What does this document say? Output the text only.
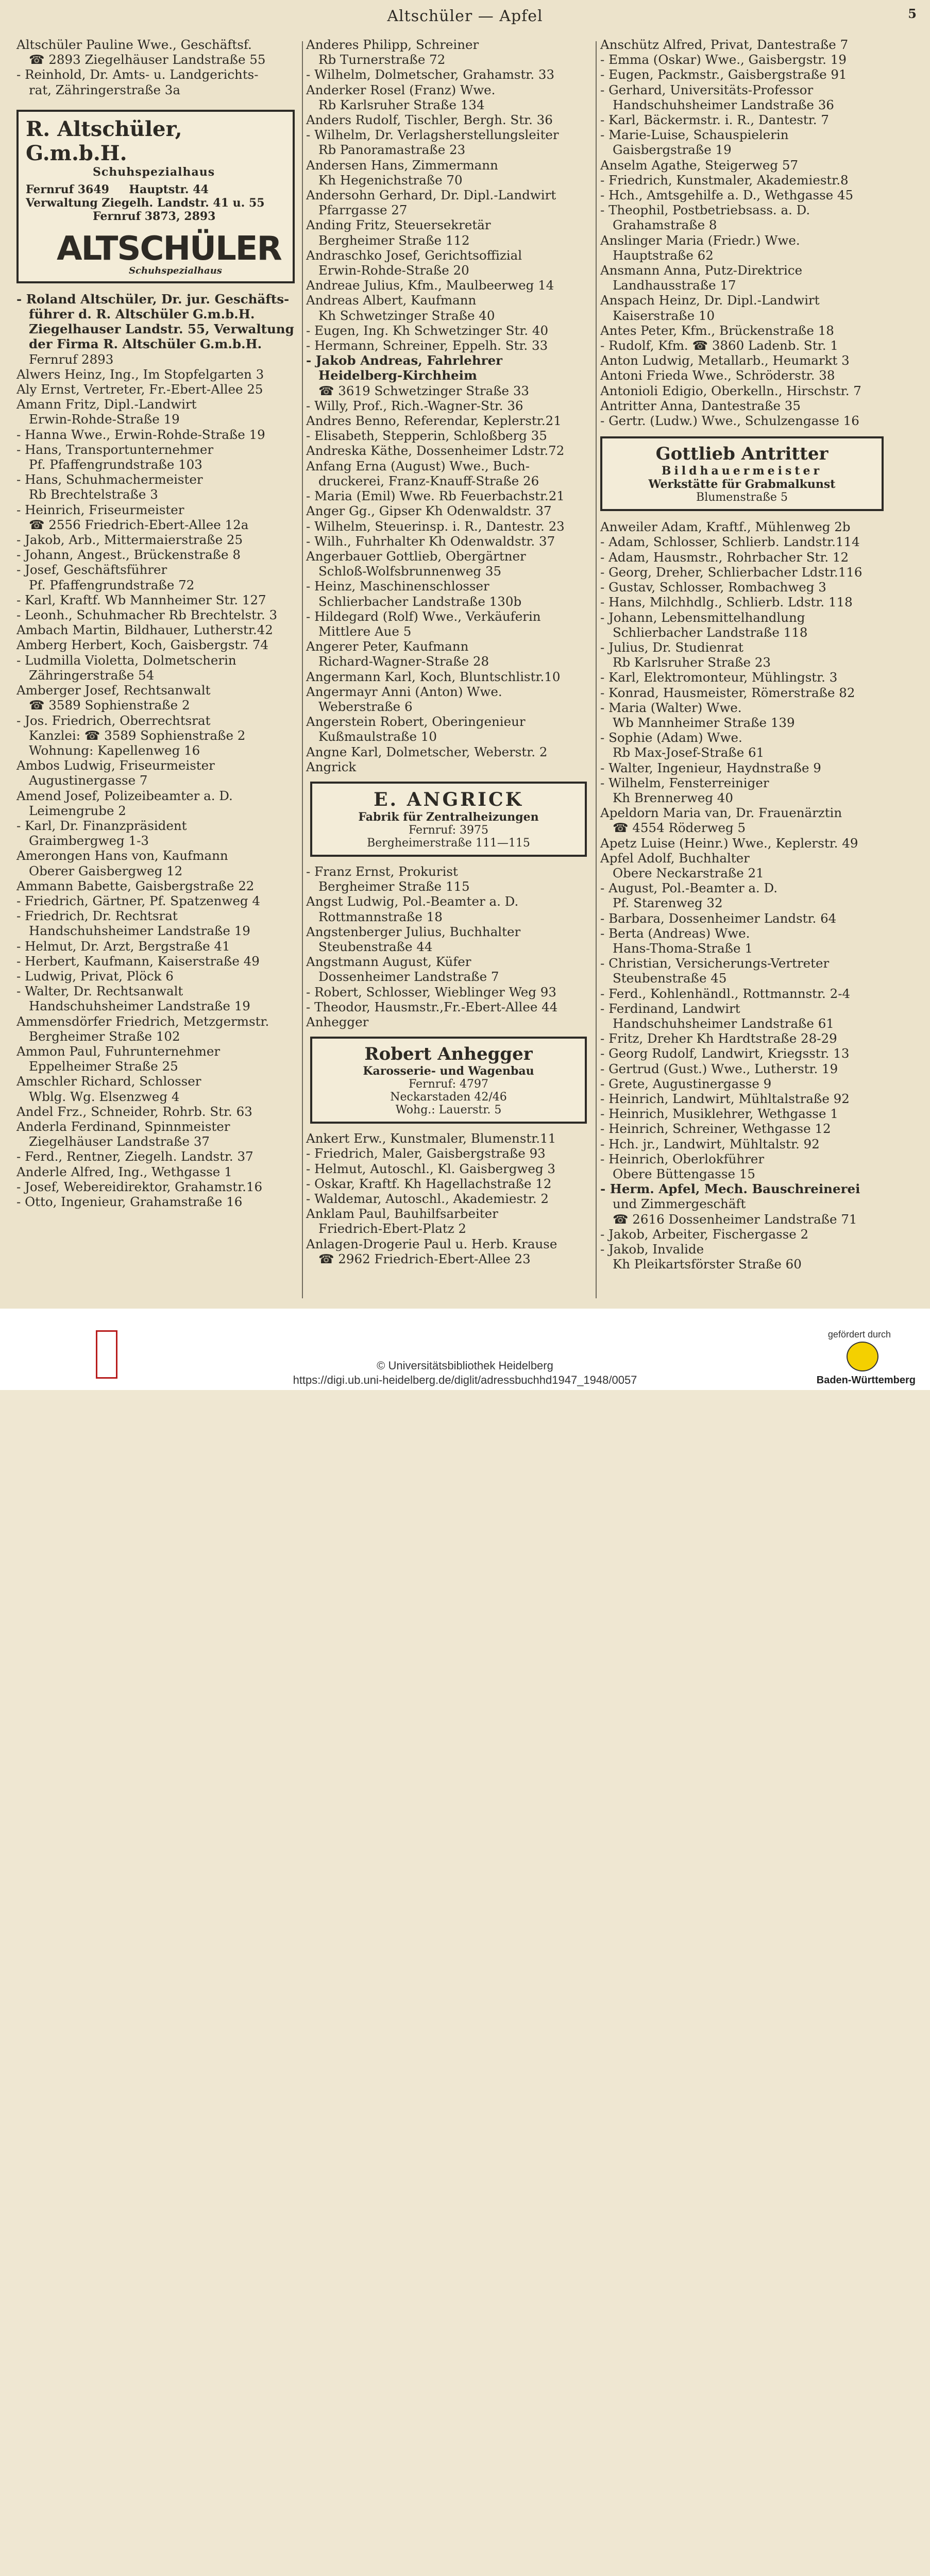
Altschüler — Apfel	5
Altschüler Pauline Wwe., Geschäftsf.
☎ 2893 Ziegelhäuser Landstraße 55
- Reinhold, Dr. Amts- u. Landgerichts-
rat, Zähringerstraße 3a
R. Altschüler, G.m.b.H.
Schuhspezialhaus
Fernruf 3649     Hauptstr. 44
Verwaltung Ziegelh. Landstr. 41 u. 55
Fernruf 3873, 2893
ALTSCHÜLER
Schuhspezialhaus
- Roland Altschüler, Dr. jur. Geschäfts-
führer d. R. Altschüler G.m.b.H.
Ziegelhauser Landstr. 55, Verwaltung
der Firma R. Altschüler G.m.b.H.
Fernruf 2893
Alwers Heinz, Ing., Im Stopfelgarten 3
Aly Ernst, Vertreter, Fr.-Ebert-Allee 25
Amann Fritz, Dipl.-Landwirt
Erwin-Rohde-Straße 19
- Hanna Wwe., Erwin-Rohde-Straße 19
- Hans, Transportunternehmer
Pf. Pfaffengrundstraße 103
- Hans, Schuhmachermeister
Rb Brechtelstraße 3
- Heinrich, Friseurmeister
☎ 2556 Friedrich-Ebert-Allee 12a
- Jakob, Arb., Mittermaierstraße 25
- Johann, Angest., Brückenstraße 8
- Josef, Geschäftsführer
Pf. Pfaffengrundstraße 72
- Karl, Kraftf. Wb Mannheimer Str. 127
- Leonh., Schuhmacher Rb Brechtelstr. 3
Ambach Martin, Bildhauer, Lutherstr.42
Amberg Herbert, Koch, Gaisbergstr. 74
- Ludmilla Violetta, Dolmetscherin
Zähringerstraße 54
Amberger Josef, Rechtsanwalt
☎ 3589 Sophienstraße 2
- Jos. Friedrich, Oberrechtsrat
Kanzlei: ☎ 3589 Sophienstraße 2
Wohnung: Kapellenweg 16
Ambos Ludwig, Friseurmeister
Augustinergasse 7
Amend Josef, Polizeibeamter a. D.
Leimengrube 2
- Karl, Dr. Finanzpräsident
Graimbergweg 1-3
Amerongen Hans von, Kaufmann
Oberer Gaisbergweg 12
Ammann Babette, Gaisbergstraße 22
- Friedrich, Gärtner, Pf. Spatzenweg 4
- Friedrich, Dr. Rechtsrat
Handschuhsheimer Landstraße 19
- Helmut, Dr. Arzt, Bergstraße 41
- Herbert, Kaufmann, Kaiserstraße 49
- Ludwig, Privat, Plöck 6
- Walter, Dr. Rechtsanwalt
Handschuhsheimer Landstraße 19
Ammensdörfer Friedrich, Metzgermstr.
Bergheimer Straße 102
Ammon Paul, Fuhrunternehmer
Eppelheimer Straße 25
Amschler Richard, Schlosser
Wblg. Wg. Elsenzweg 4
Andel Frz., Schneider, Rohrb. Str. 63
Anderla Ferdinand, Spinnmeister
Ziegelhäuser Landstraße 37
- Ferd., Rentner, Ziegelh. Landstr. 37
Anderle Alfred, Ing., Wethgasse 1
- Josef, Webereidirektor, Grahamstr.16
- Otto, Ingenieur, Grahamstraße 16
Anderes Philipp, Schreiner
Rb Turnerstraße 72
- Wilhelm, Dolmetscher, Grahamstr. 33
Anderker Rosel (Franz) Wwe.
Rb Karlsruher Straße 134
Anders Rudolf, Tischler, Bergh. Str. 36
- Wilhelm, Dr. Verlagsherstellungsleiter
Rb Panoramastraße 23
Andersen Hans, Zimmermann
Kh Hegenichstraße 70
Andersohn Gerhard, Dr. Dipl.-Landwirt
Pfarrgasse 27
Anding Fritz, Steuersekretär
Bergheimer Straße 112
Andraschko Josef, Gerichtsoffizial
Erwin-Rohde-Straße 20
Andreae Julius, Kfm., Maulbeerweg 14
Andreas Albert, Kaufmann
Kh Schwetzinger Straße 40
- Eugen, Ing. Kh Schwetzinger Str. 40
- Hermann, Schreiner, Eppelh. Str. 33
- Jakob Andreas, Fahrlehrer
Heidelberg-Kirchheim
☎ 3619 Schwetzinger Straße 33
- Willy, Prof., Rich.-Wagner-Str. 36
Andres Benno, Referendar, Keplerstr.21
- Elisabeth, Stepperin, Schloßberg 35
Andreska Käthe, Dossenheimer Ldstr.72
Anfang Erna (August) Wwe., Buch-
druckerei, Franz-Knauff-Straße 26
- Maria (Emil) Wwe. Rb Feuerbachstr.21
Anger Gg., Gipser Kh Odenwaldstr. 37
- Wilhelm, Steuerinsp. i. R., Dantestr. 23
- Wilh., Fuhrhalter Kh Odenwaldstr. 37
Angerbauer Gottlieb, Obergärtner
Schloß-Wolfsbrunnenweg 35
- Heinz, Maschinenschlosser
Schlierbacher Landstraße 130b
- Hildegard (Rolf) Wwe., Verkäuferin
Mittlere Aue 5
Angerer Peter, Kaufmann
Richard-Wagner-Straße 28
Angermann Karl, Koch, Bluntschlistr.10
Angermayr Anni (Anton) Wwe.
Weberstraße 6
Angerstein Robert, Oberingenieur
Kußmaulstraße 10
Angne Karl, Dolmetscher, Weberstr. 2
Angrick
E. ANGRICK
Fabrik für Zentralheizungen
Fernruf: 3975
Bergheimerstraße 111—115
- Franz Ernst, Prokurist
Bergheimer Straße 115
Angst Ludwig, Pol.-Beamter a. D.
Rottmannstraße 18
Angstenberger Julius, Buchhalter
Steubenstraße 44
Angstmann August, Küfer
Dossenheimer Landstraße 7
- Robert, Schlosser, Wieblinger Weg 93
- Theodor, Hausmstr.,Fr.-Ebert-Allee 44
Anhegger
Robert Anhegger
Karosserie- und Wagenbau
Fernruf: 4797
Neckarstaden 42/46
Wohg.: Lauerstr. 5
Ankert Erw., Kunstmaler, Blumenstr.11
- Friedrich, Maler, Gaisbergstraße 93
- Helmut, Autoschl., Kl. Gaisbergweg 3
- Oskar, Kraftf. Kh Hagellachstraße 12
- Waldemar, Autoschl., Akademiestr. 2
Anklam Paul, Bauhilfsarbeiter
Friedrich-Ebert-Platz 2
Anlagen-Drogerie Paul u. Herb. Krause
☎ 2962 Friedrich-Ebert-Allee 23
Anschütz Alfred, Privat, Dantestraße 7
- Emma (Oskar) Wwe., Gaisbergstr. 19
- Eugen, Packmstr., Gaisbergstraße 91
- Gerhard, Universitäts-Professor
Handschuhsheimer Landstraße 36
- Karl, Bäckermstr. i. R., Dantestr. 7
- Marie-Luise, Schauspielerin
Gaisbergstraße 19
Anselm Agathe, Steigerweg 57
- Friedrich, Kunstmaler, Akademiestr.8
- Hch., Amtsgehilfe a. D., Wethgasse 45
- Theophil, Postbetriebsass. a. D.
Grahamstraße 8
Anslinger Maria (Friedr.) Wwe.
Hauptstraße 62
Ansmann Anna, Putz-Direktrice
Landhausstraße 17
Anspach Heinz, Dr. Dipl.-Landwirt
Kaiserstraße 10
Antes Peter, Kfm., Brückenstraße 18
- Rudolf, Kfm. ☎ 3860 Ladenb. Str. 1
Anton Ludwig, Metallarb., Heumarkt 3
Antoni Frieda Wwe., Schröderstr. 38
Antonioli Edigio, Oberkelln., Hirschstr. 7
Antritter Anna, Dantestraße 35
- Gertr. (Ludw.) Wwe., Schulzengasse 16
Gottlieb Antritter
Bildhauermeister
Werkstätte für Grabmalkunst
Blumenstraße 5
Anweiler Adam, Kraftf., Mühlenweg 2b
- Adam, Schlosser, Schlierb. Landstr.114
- Adam, Hausmstr., Rohrbacher Str. 12
- Georg, Dreher, Schlierbacher Ldstr.116
- Gustav, Schlosser, Rombachweg 3
- Hans, Milchhdlg., Schlierb. Ldstr. 118
- Johann, Lebensmittelhandlung
Schlierbacher Landstraße 118
- Julius, Dr. Studienrat
Rb Karlsruher Straße 23
- Karl, Elektromonteur, Mühlingstr. 3
- Konrad, Hausmeister, Römerstraße 82
- Maria (Walter) Wwe.
Wb Mannheimer Straße 139
- Sophie (Adam) Wwe.
Rb Max-Josef-Straße 61
- Walter, Ingenieur, Haydnstraße 9
- Wilhelm, Fensterreiniger
Kh Brennerweg 40
Apeldorn Maria van, Dr. Frauenärztin
☎ 4554 Röderweg 5
Apetz Luise (Heinr.) Wwe., Keplerstr. 49
Apfel Adolf, Buchhalter
Obere Neckarstraße 21
- August, Pol.-Beamter a. D.
Pf. Starenweg 32
- Barbara, Dossenheimer Landstr. 64
- Berta (Andreas) Wwe.
Hans-Thoma-Straße 1
- Christian, Versicherungs-Vertreter
Steubenstraße 45
- Ferd., Kohlenhändl., Rottmannstr. 2-4
- Ferdinand, Landwirt
Handschuhsheimer Landstraße 61
- Fritz, Dreher Kh Hardtstraße 28-29
- Georg Rudolf, Landwirt, Kriegsstr. 13
- Gertrud (Gust.) Wwe., Lutherstr. 19
- Grete, Augustinergasse 9
- Heinrich, Landwirt, Mühltalstraße 92
- Heinrich, Musiklehrer, Wethgasse 1
- Heinrich, Schreiner, Wethgasse 12
- Hch. jr., Landwirt, Mühltalstr. 92
- Heinrich, Oberlokführer
Obere Büttengasse 15
- Herm. Apfel, Mech. Bauschreinerei
und Zimmergeschäft
☎ 2616 Dossenheimer Landstraße 71
- Jakob, Arbeiter, Fischergasse 2
- Jakob, Invalide
Kh Pleikartsförster Straße 60

© Universitätsbibliothek Heidelberg
https://digi.ub.uni-heidelberg.de/diglit/adressbuchhd1947_1948/0057
gefördert durch
Baden-Württemberg
